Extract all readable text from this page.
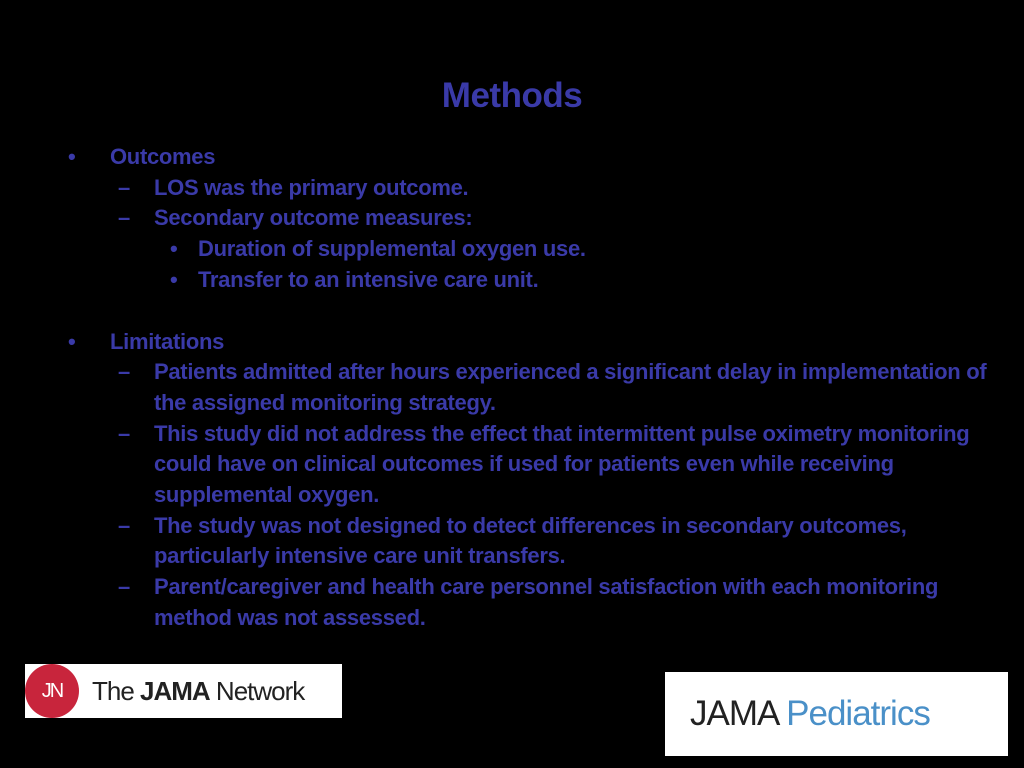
Methods
• Outcomes
– LOS was the primary outcome.
– Secondary outcome measures:
• Duration of supplemental oxygen use.
• Transfer to an intensive care unit.
• Limitations
– Patients admitted after hours experienced a significant delay in implementation of the assigned monitoring strategy.
– This study did not address the effect that intermittent pulse oximetry monitoring could have on clinical outcomes if used for patients even while receiving supplemental oxygen.
– The study was not designed to detect differences in secondary outcomes, particularly intensive care unit transfers.
– Parent/caregiver and health care personnel satisfaction with each monitoring method was not assessed.
JN	The JAMA Network
JAMA Pediatrics
